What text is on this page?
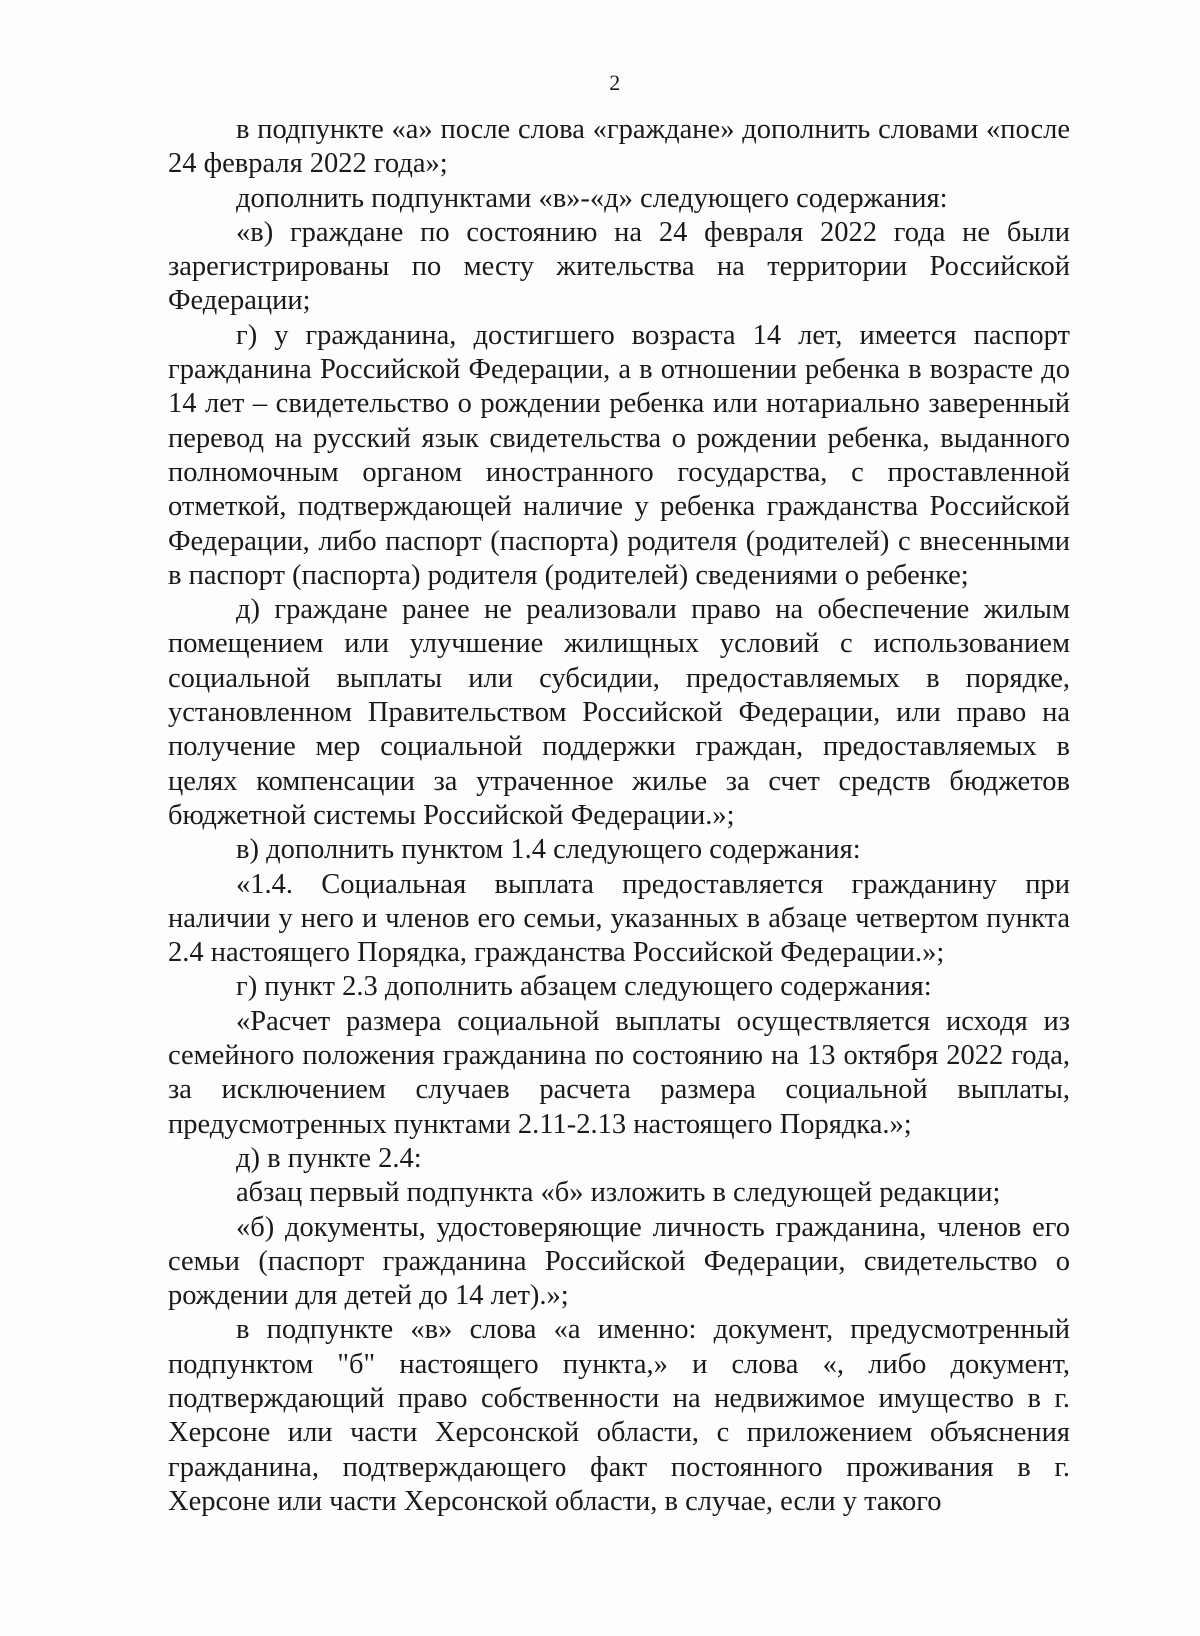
2

в подпункте «а» после слова «граждане» дополнить словами «после 24 февраля 2022 года»;

дополнить подпунктами «в»-«д» следующего содержания:

«в) граждане по состоянию на 24 февраля 2022 года не были зарегистрированы по месту жительства на территории Российской Федерации;

г) у гражданина, достигшего возраста 14 лет, имеется паспорт гражданина Российской Федерации, а в отношении ребенка в возрасте до 14 лет – свидетельство о рождении ребенка или нотариально заверенный перевод на русский язык свидетельства о рождении ребенка, выданного полномочным органом иностранного государства, с проставленной отметкой, подтверждающей наличие у ребенка гражданства Российской Федерации, либо паспорт (паспорта) родителя (родителей) с внесенными в паспорт (паспорта) родителя (родителей) сведениями о ребенке;

д) граждане ранее не реализовали право на обеспечение жилым помещением или улучшение жилищных условий с использованием социальной выплаты или субсидии, предоставляемых в порядке, установленном Правительством Российской Федерации, или право на получение мер социальной поддержки граждан, предоставляемых в целях компенсации за утраченное жилье за счет средств бюджетов бюджетной системы Российской Федерации.»;

в) дополнить пунктом 1.4 следующего содержания:

«1.4. Социальная выплата предоставляется гражданину при наличии у него и членов его семьи, указанных в абзаце четвертом пункта 2.4 настоящего Порядка, гражданства Российской Федерации.»;

г) пункт 2.3 дополнить абзацем следующего содержания:

«Расчет размера социальной выплаты осуществляется исходя из семейного положения гражданина по состоянию на 13 октября 2022 года, за исключением случаев расчета размера социальной выплаты, предусмотренных пунктами 2.11-2.13 настоящего Порядка.»;

д) в пункте 2.4:

абзац первый подпункта «б» изложить в следующей редакции;

«б) документы, удостоверяющие личность гражданина, членов его семьи (паспорт гражданина Российской Федерации, свидетельство о рождении для детей до 14 лет).»;

в подпункте «в» слова «а именно: документ, предусмотренный подпунктом "б" настоящего пункта,» и слова «, либо документ, подтверждающий право собственности на недвижимое имущество в г. Херсоне или части Херсонской области, с приложением объяснения гражданина, подтверждающего факт постоянного проживания в г. Херсоне или части Херсонской области, в случае, если у такого
